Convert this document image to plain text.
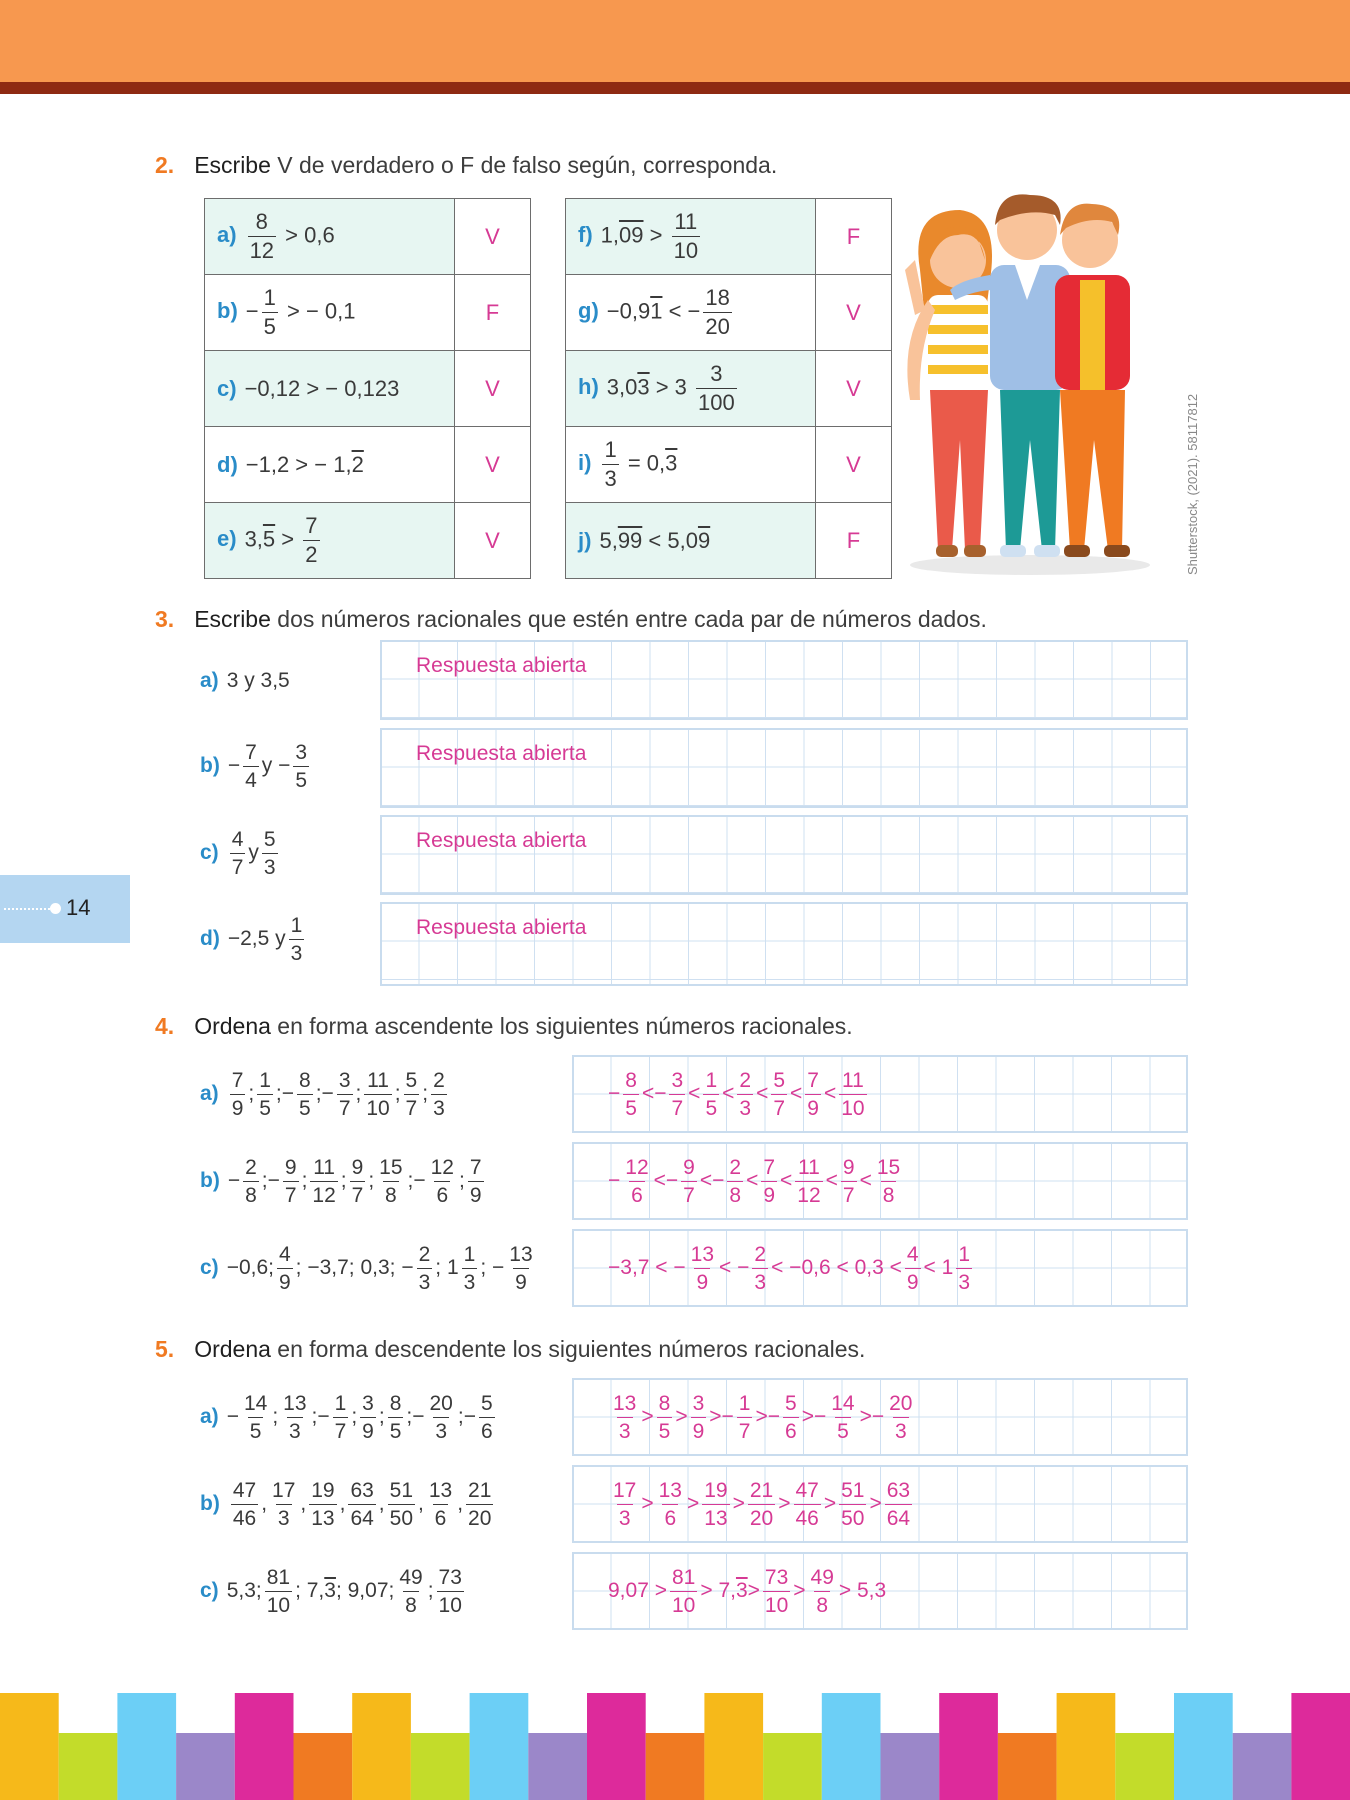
2. Escribe V de verdadero o F de falso según, corresponda.
$a) \frac{8}{12} > 0,6$	V
$b) - \frac{1}{5}$ > − 0,1	F
c) −0,12 > − 0,123	V
d) −1,2 > − 1,2	V
e) $3,5 > \frac{7}{2}$	V
f) $1,09 > \frac{11}{10}$	F
g) −0,91 < − $\frac{18}{20}$	V
h) $3,03 > 3 \frac{3}{100}$	V
$i) \frac{1}{3} = 0,3$	V
j) 5,99 < 5,09	F	Shutterstock, (2021). 58117812
3. Escribe dos números racionales que estén entre cada par de números dados.
a) 3 y 3,5
$b) - \frac{7}{4}$ $y - \frac{3}{5}$
c)
4
7
y
5
3
d) −2,5 y
1
3
Respuesta abierta
Respuesta abierta
Respuesta abierta
Respuesta abierta
14
4. Ordena en forma ascendente los siguientes números racionales.
a)
7
9
;
1
5
; − $\frac{8}{5}$ ; − $\frac{3}{7}$ ;
11
10
;
5
7
;
2
3
− $\frac{8}{5}$ < − $\frac{3}{7}$ <
1
5
<
2
3
<
5
7
<
7
9
<
11
10
$b) - \frac{2}{8}$ ; − $\frac{9}{7}$ ;
11
12
;
9
7
;
15
8
; − $\frac{12}{6}$ ;
7
9
− $\frac{12}{6}$ < − $\frac{9}{7}$ < − $\frac{2}{8}$ <
7
9
<
11
12
<
9
7
<
15
8
c) −0,6;
4
9
; −3,7; 0,3; − $\frac{2}{3}$ ; 1
1
3
; − $\frac{13}{9}$	−3,7 < − $\frac{13}{9}$ < − $\frac{2}{3} < -0,6 < 0,3$ <
4
9
< 1
1
3
5. Ordena en forma descendente los siguientes números racionales.
$a) - \frac{14}{5}$ ;
13
3
; − $\frac{1}{7}$ ;
3
9
;
8
5
; − $\frac{20}{3}$ ; − $\frac{5}{6}$	13
3
>
8
5
>
3
9
> − $\frac{1}{7}$ > − $\frac{5}{6}$ > − $\frac{14}{5}$ > − $\frac{20}{3}$
b)
47
46
,
17
3
,
19
13
,
63
64
,
51
50
,
13
6
,
21
20
17
3
>
13
6
>
19
13
>
21
20
>
47
46
>
51
50
>
63
64
c) 5,3;
81
10
; 7, 3 ; 9,07;
49
8
;
73
10
9,07 >
81
10
> 7, 3 >
73
10
>
49
8
> 5,3
